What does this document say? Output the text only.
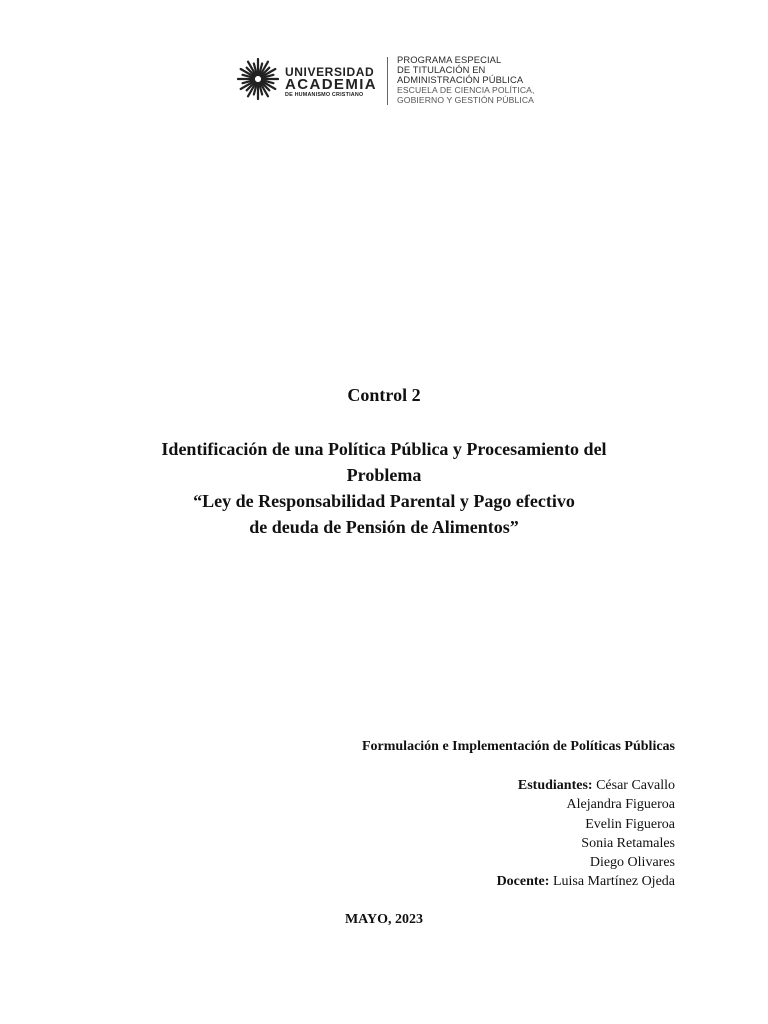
UNIVERSIDAD
ACADEMIA
DE HUMANISMO CRISTIANO
PROGRAMA ESPECIAL
DE TITULACIÓN EN
ADMINISTRACIÓN PÚBLICA
ESCUELA DE CIENCIA POLÍTICA,
GOBIERNO Y GESTIÓN PÚBLICA
Control 2
Identificación de una Política Pública y Procesamiento del
Problema
“Ley de Responsabilidad Parental y Pago efectivo
de deuda de Pensión de Alimentos”
Formulación e Implementación de Políticas Públicas
Estudiantes: César Cavallo
Alejandra Figueroa
Evelin Figueroa
Sonia Retamales
Diego Olivares
Docente: Luisa Martínez Ojeda
MAYO, 2023
